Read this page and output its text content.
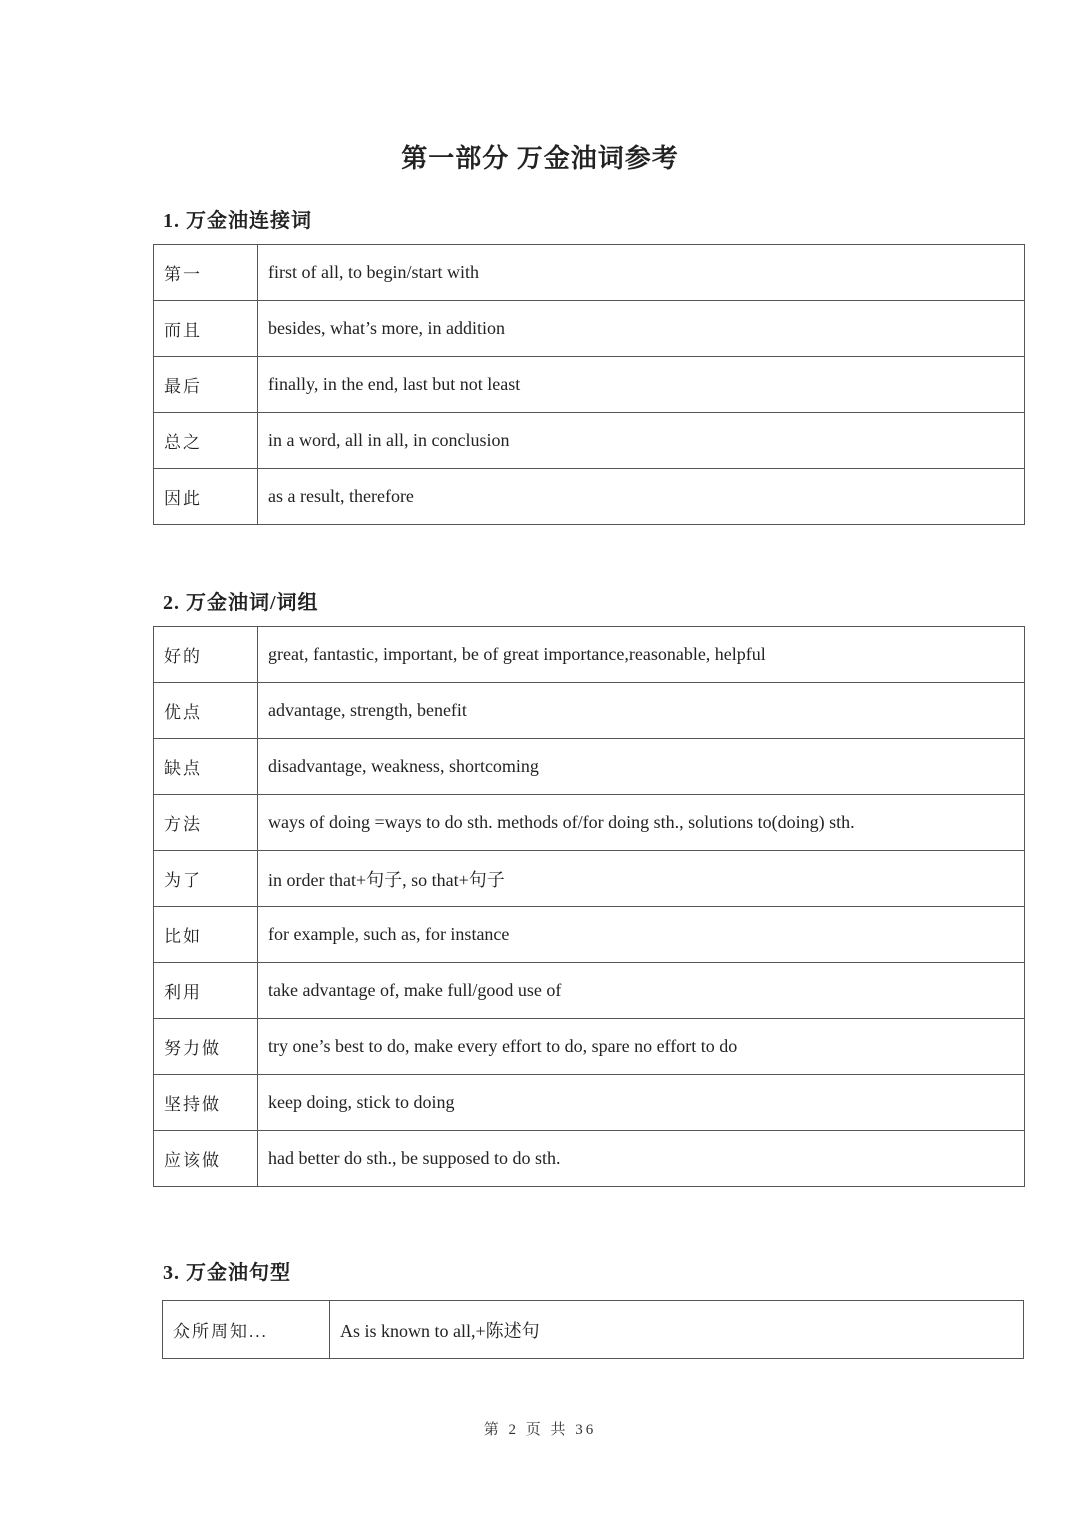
第一部分 万金油词参考
1. 万金油连接词
第一	first of all, to begin/start with
而且	besides, what’s more, in addition
最后	finally, in the end, last but not least
总之	in a word, all in all, in conclusion
因此	as a result, therefore
2. 万金油词/词组
好的	great, fantastic, important, be of great importance,reasonable, helpful
优点	advantage, strength, benefit
缺点	disadvantage, weakness, shortcoming
方法	ways of doing =ways to do sth. methods of/for doing sth., solutions to(doing) sth.
为了	in order that+句子, so that+句子
比如	for example, such as, for instance
利用	take advantage of, make full/good use of
努力做	try one’s best to do, make every effort to do, spare no effort to do
坚持做	keep doing, stick to doing
应该做	had better do sth., be supposed to do sth.
3. 万金油句型
众所周知...	As is known to all,+陈述句
第 2 页 共 36
